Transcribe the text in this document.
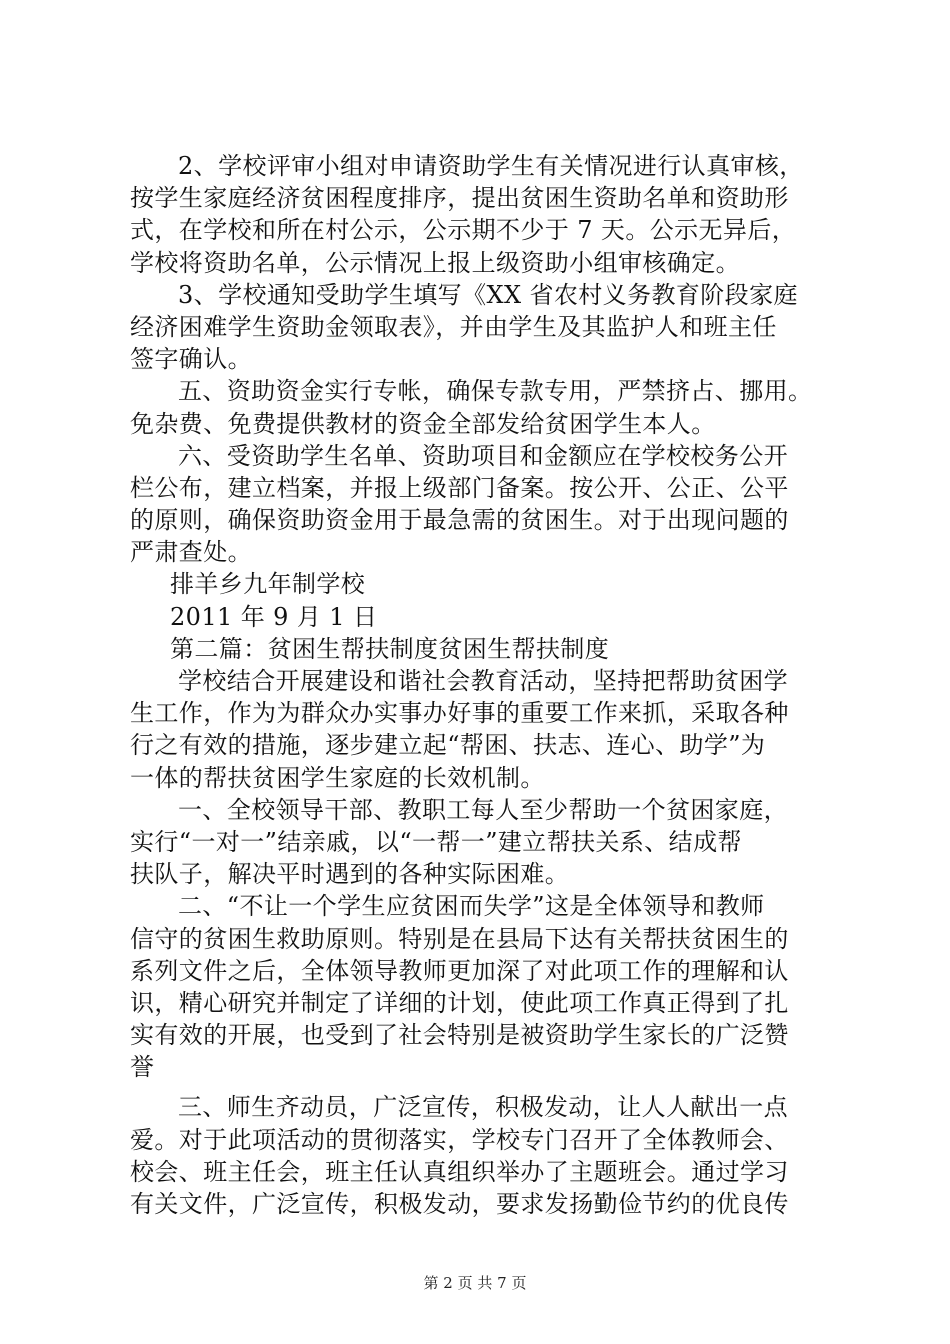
2、学校评审小组对申请资助学生有关情况进行认真审核，
按学生家庭经济贫困程度排序，提出贫困生资助名单和资助形
式，在学校和所在村公示，公示期不少于 7 天。公示无异后，
学校将资助名单，公示情况上报上级资助小组审核确定。
3、学校通知受助学生填写《XX 省农村义务教育阶段家庭
经济困难学生资助金领取表》，并由学生及其监护人和班主任
签字确认。
五、资助资金实行专帐，确保专款专用，严禁挤占、挪用。
免杂费、免费提供教材的资金全部发给贫困学生本人。
六、受资助学生名单、资助项目和金额应在学校校务公开
栏公布，建立档案，并报上级部门备案。按公开、公正、公平
的原则，确保资助资金用于最急需的贫困生。对于出现问题的
严肃查处。
排羊乡九年制学校
2011 年 9 月 1 日
第二篇：贫困生帮扶制度贫困生帮扶制度
学校结合开展建设和谐社会教育活动，坚持把帮助贫困学
生工作，作为为群众办实事办好事的重要工作来抓，采取各种
行之有效的措施，逐步建立起“帮困、扶志、连心、助学”为
一体的帮扶贫困学生家庭的长效机制。
一、全校领导干部、教职工每人至少帮助一个贫困家庭，
实行“一对一”结亲戚，以“一帮一”建立帮扶关系、结成帮
扶队子，解决平时遇到的各种实际困难。
二、“不让一个学生应贫困而失学”这是全体领导和教师
信守的贫困生救助原则。特别是在县局下达有关帮扶贫困生的
系列文件之后，全体领导教师更加深了对此项工作的理解和认
识，精心研究并制定了详细的计划，使此项工作真正得到了扎
实有效的开展，也受到了社会特别是被资助学生家长的广泛赞
誉
三、师生齐动员，广泛宣传，积极发动，让人人献出一点
爱。对于此项活动的贯彻落实，学校专门召开了全体教师会、
校会、班主任会，班主任认真组织举办了主题班会。通过学习
有关文件，广泛宣传，积极发动，要求发扬勤俭节约的优良传
第 2 页 共 7 页
